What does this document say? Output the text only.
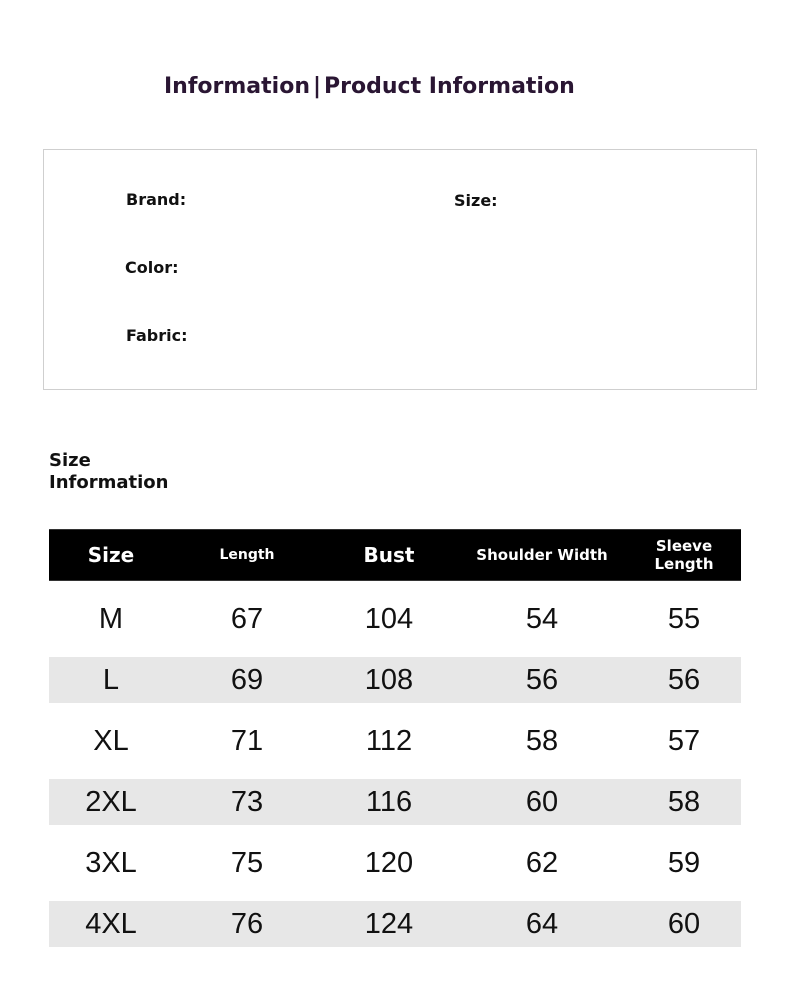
Information | Product Information
Brand:	Size:
Color:
Fabric:
Size
Information
Size	Length	Bust	Shoulder Width	Sleeve Length

M	67	104	54	55

L	69	108	56	56

XL	71	112	58	57

2XL	73	116	60	58

3XL	75	120	62	59

4XL	76	124	64	60
